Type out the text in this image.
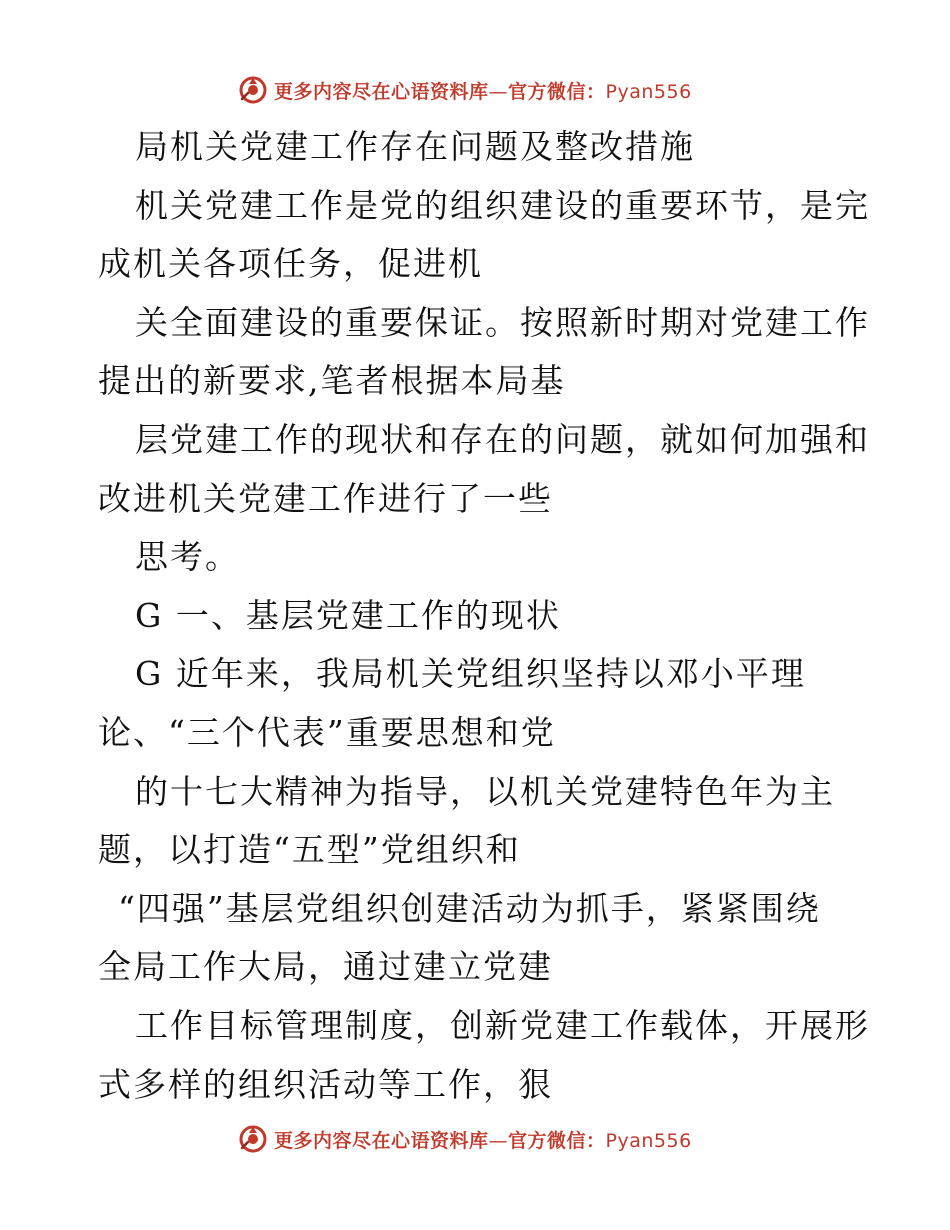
更多内容尽在心语资料库—官方微信：Pyan556
局机关党建工作存在问题及整改措施
机关党建工作是党的组织建设的重要环节，是完
成机关各项任务，促进机
关全面建设的重要保证。按照新时期对党建工作
提出的新要求,笔者根据本局基
层党建工作的现状和存在的问题，就如何加强和
改进机关党建工作进行了一些
思考。
G 一、基层党建工作的现状
G 近年来，我局机关党组织坚持以邓小平理
论、“三个代表”重要思想和党
的十七大精神为指导，以机关党建特色年为主
题，以打造“五型”党组织和
“四强”基层党组织创建活动为抓手，紧紧围绕
全局工作大局，通过建立党建
工作目标管理制度，创新党建工作载体，开展形
式多样的组织活动等工作，狠
更多内容尽在心语资料库—官方微信：Pyan556
